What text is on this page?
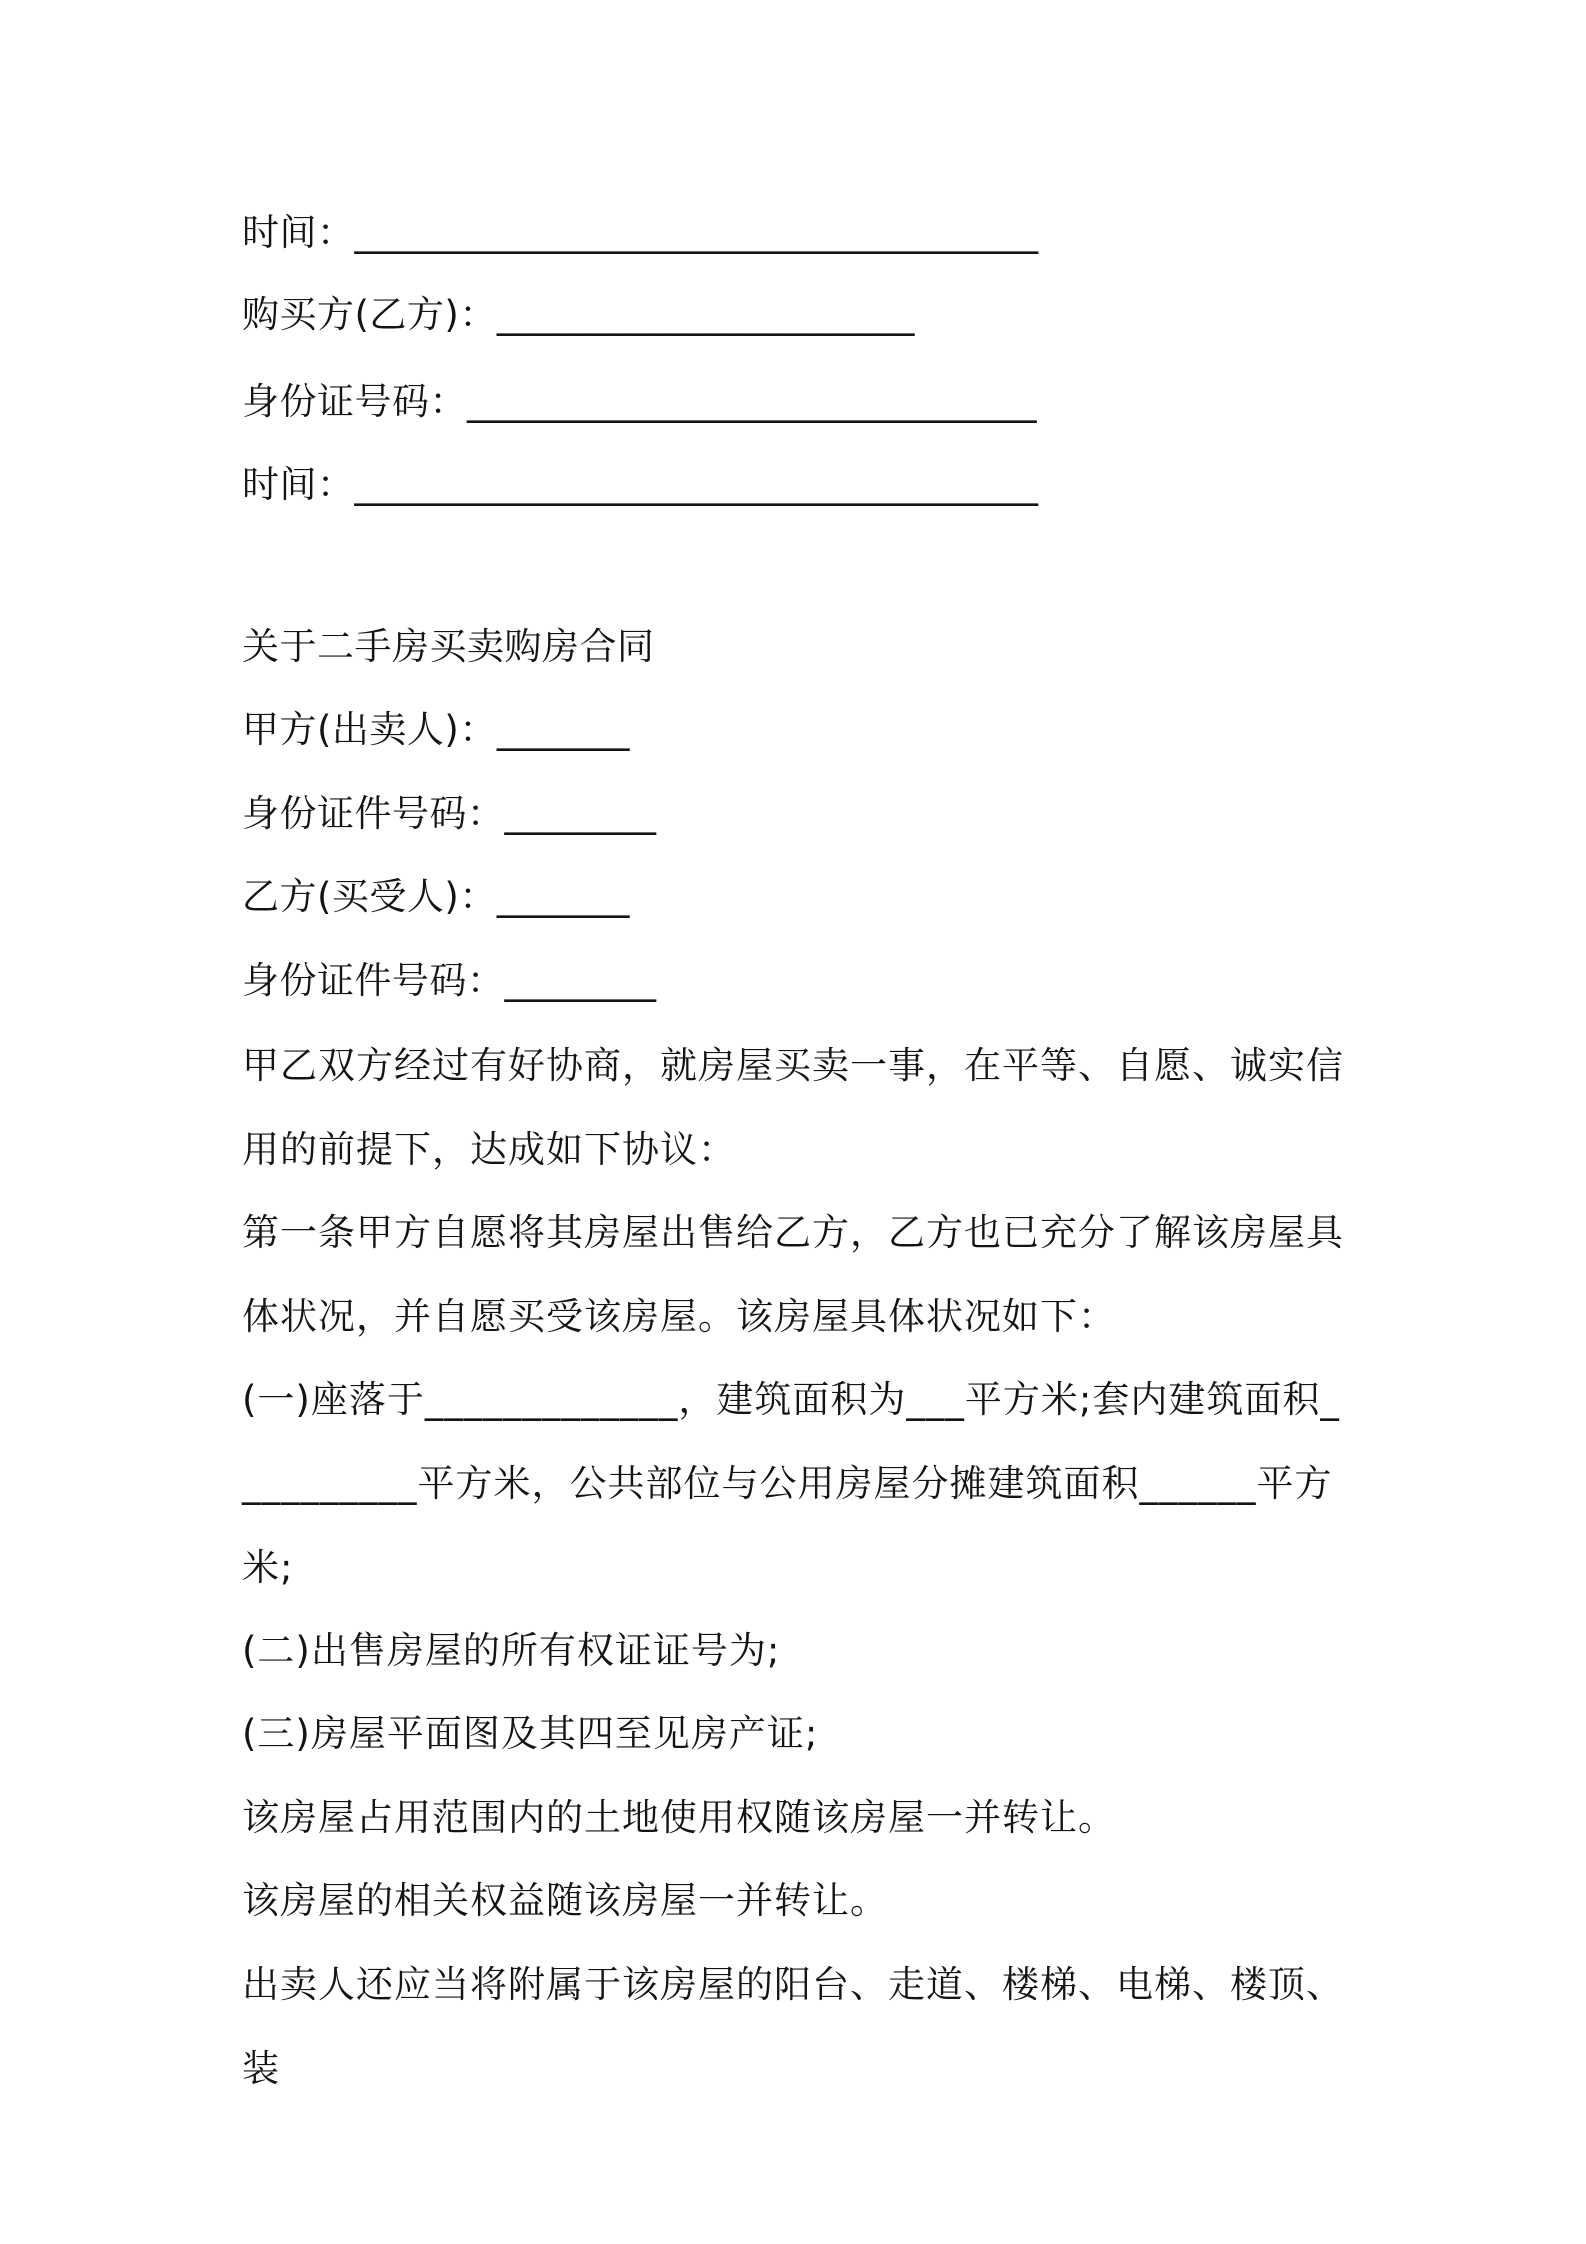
时间：____________________________________
购买方(乙方)：______________________
身份证号码：______________________________
时间：____________________________________
关于二手房买卖购房合同
甲方(出卖人)：_______
身份证件号码：________
乙方(买受人)：_______
身份证件号码：________
甲乙双方经过有好协商，就房屋买卖一事，在平等、自愿、诚实信用的前提下，达成如下协议：
第一条甲方自愿将其房屋出售给乙方，乙方也已充分了解该房屋具体状况，并自愿买受该房屋。该房屋具体状况如下：
(一)座落于_____________，建筑面积为___平方米;套内建筑面积__________平方米，公共部位与公用房屋分摊建筑面积______平方米;
(二)出售房屋的所有权证证号为;
(三)房屋平面图及其四至见房产证;
该房屋占用范围内的土地使用权随该房屋一并转让。
该房屋的相关权益随该房屋一并转让。
出卖人还应当将附属于该房屋的阳台、走道、楼梯、电梯、楼顶、装
